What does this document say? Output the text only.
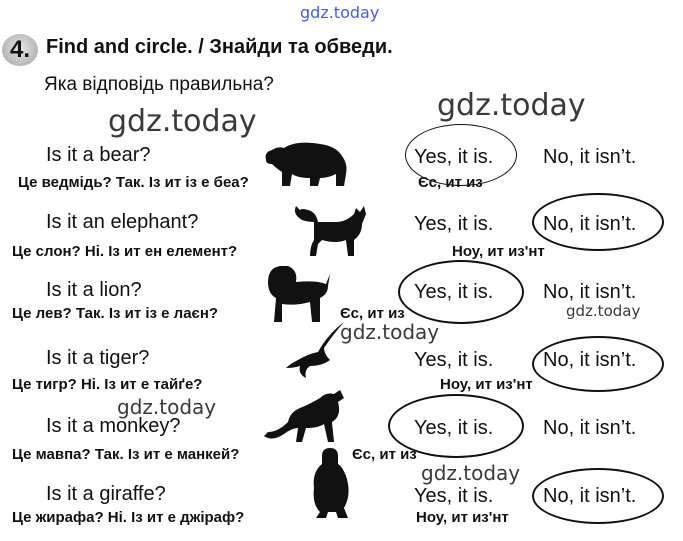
gdz.today
gdz.today
gdz.today
gdz.today
gdz.today
gdz.today
gdz.today
4. Find and circle. / Знайди та обведи.
Яка відповідь правильна?
Is it a bear?	Yes, it is. No, it isn’t.
Це ведмідь? Так. Із ит із е беа?	Єс, ит из
Is it an elephant?	Yes, it is. No, it isn’t.
Це слон? Ні. Із ит ен елемент?	Ноу, ит из'нт
Is it a lion?	Yes, it is. No, it isn’t.
Це лев? Так. Із ит із е лаєн?	Єс, ит из
Is it a tiger?	Yes, it is. No, it isn’t.
Це тигр? Ні. Із ит е тайґе?	Ноу, ит из'нт
Is it a monkey?	Yes, it is. No, it isn’t.
Це мавпа? Так. Із ит е манкей?	Єс, ит из
Is it a giraffe?	Yes, it is. No, it isn’t.
Це жирафа? Ні. Із ит е джіраф?	Ноу, ит из'нт
